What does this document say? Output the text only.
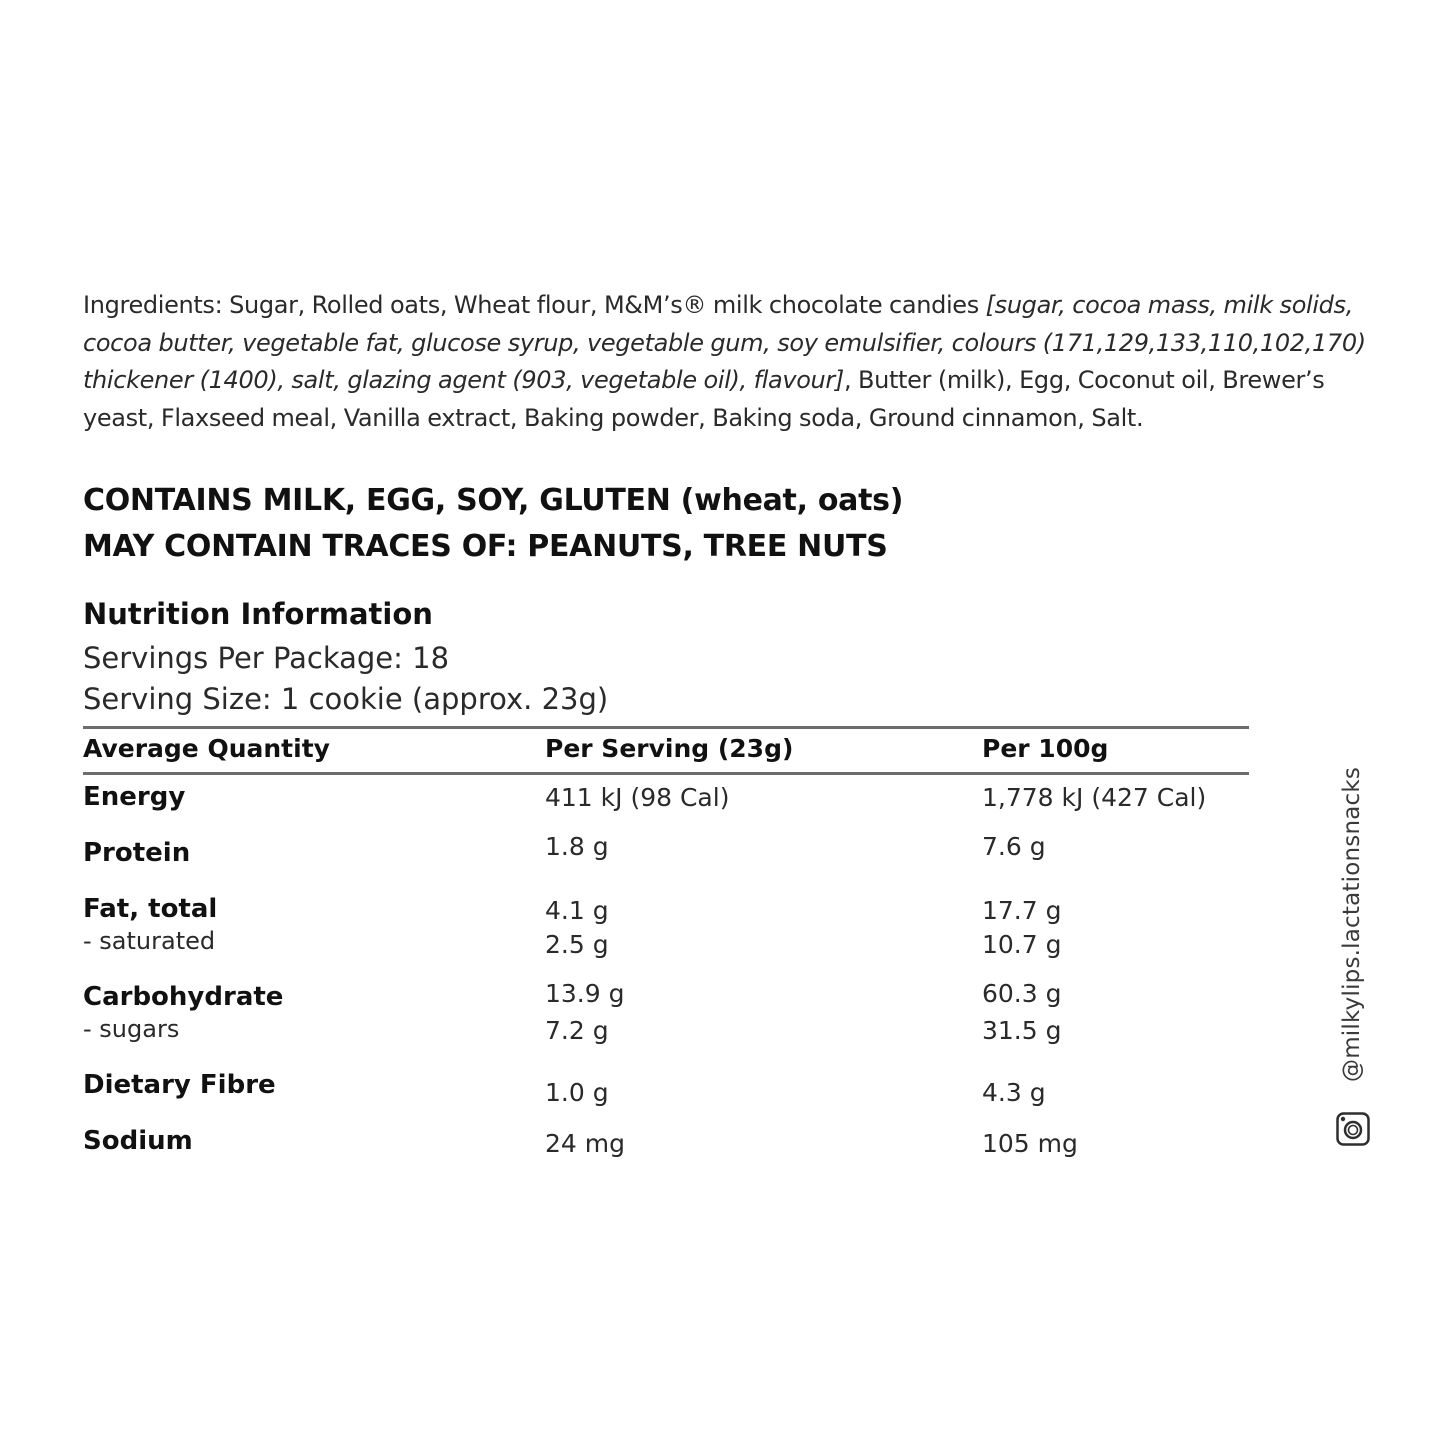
Ingredients: Sugar, Rolled oats, Wheat flour, M&M’s® milk chocolate candies [sugar, cocoa mass, milk solids, cocoa butter, vegetable fat, glucose syrup, vegetable gum, soy emulsifier, colours (171,129,133,110,102,170) thickener (1400), salt, glazing agent (903, vegetable oil), flavour], Butter (milk), Egg, Coconut oil, Brewer’s yeast, Flaxseed meal, Vanilla extract, Baking powder, Baking soda, Ground cinnamon, Salt.
CONTAINS MILK, EGG, SOY, GLUTEN (wheat, oats)
MAY CONTAIN TRACES OF: PEANUTS, TREE NUTS
Nutrition Information
Servings Per Package: 18
Serving Size: 1 cookie (approx. 23g)
Average Quantity	Per Serving (23g)	Per 100g
Energy	411 kJ (98 Cal)	1,778 kJ (427 Cal)
Protein	1.8 g	7.6 g
Fat, total	4.1 g	17.7 g
- saturated	2.5 g	10.7 g
Carbohydrate	13.9 g	60.3 g
- sugars	7.2 g	31.5 g
Dietary Fibre	1.0 g	4.3 g
Sodium	24 mg	105 mg
@milkylips.lactationsnacks
